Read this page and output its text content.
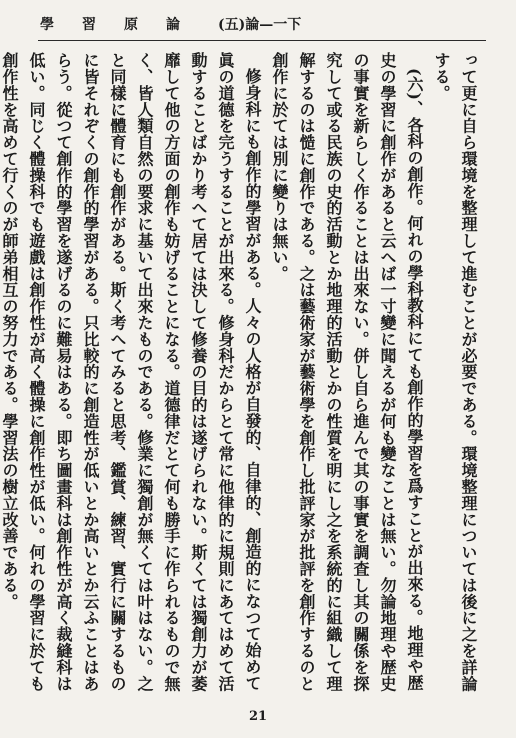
學習原論 (五)論—一下

って更に自ら環境を整理して進むことが必要である。環境整理については後に之を詳論する。

(六)、各科の創作。何れの學科教科にても創作的學習を爲すことが出來る。地理や歴史の學習に創作があると云へば一寸變に聞えるが何も變なことは無い。勿論地理や歴史の事實を新らしく作ることは出來ない。併し自ら進んで其の事實を調査し其の關係を探究して或る民族の史的活動とか地理的活動とかの性質を明にし之を系統的に組織して理解するのは慥に創作である。之は藝術家が藝術學を創作し批評家が批評を創作するのと創作に於ては別に變りは無い。

修身科にも創作的學習がある。人々の人格が自發的、自律的、創造的になつて始めて眞の道德を完うすることが出來る。修身科だからとて常に他律的に規則にあてはめて活動することばかり考へて居ては決して修養の目的は遂げられない。斯くては獨創力が萎靡して他の方面の創作も妨げることになる。道德律だとて何も勝手に作られるもので無く、皆人類自然の要求に基いて出來たものである。修業に獨創が無くては叶はない。之と同樣に體育にも創作がある。斯く考へてみると思考、鑑賞、練習、實行に關するものに皆それぞくの創作的學習がある。只比較的に創造性が低いとか高いとか云ふことはあらう。從つて創作的學習を遂げるのに難易はある。即ち圖畫科は創作性が高く裁縫科は低い。同じく體操科でも遊戲は創作性が高く體操に創作性が低い。何れの學習に於ても創作性を高めて行くのが師弟相互の努力である。學習法の樹立改善である。

21
